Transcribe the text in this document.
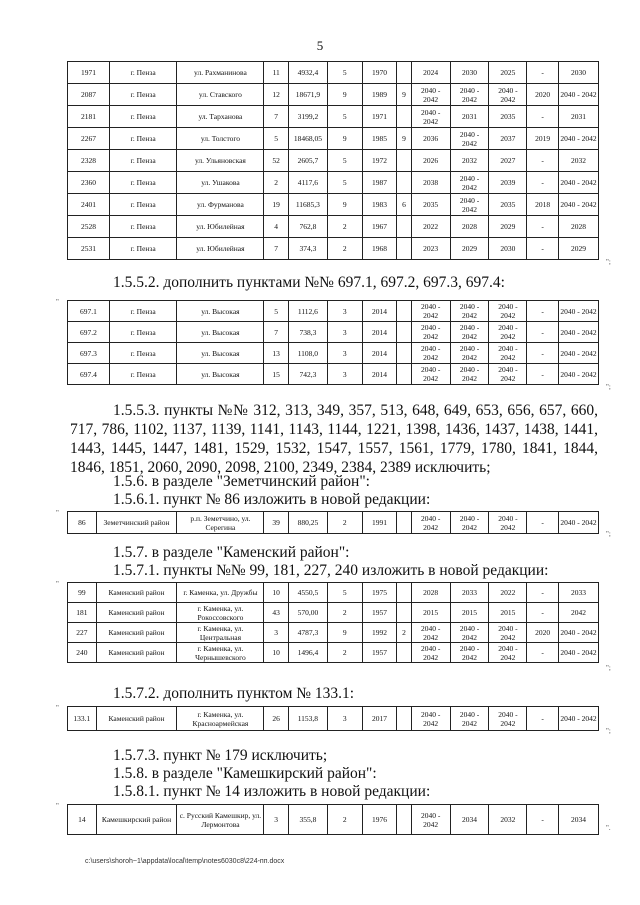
5
1971	г. Пенза	ул. Рахманинова	11	4932,4	5	1970		2024	2030	2025	-	2030
2087	г. Пенза	ул. Ставского	12	18671,9	9	1989	9	2040 - 2042	2040 - 2042	2040 - 2042	2020	2040 - 2042
2181	г. Пенза	ул. Тарханова	7	3199,2	5	1971		2040 - 2042	2031	2035	-	2031
2267	г. Пенза	ул. Толстого	5	18468,05	9	1985	9	2036	2040 - 2042	2037	2019	2040 - 2042
2328	г. Пенза	ул. Ульяновская	52	2605,7	5	1972		2026	2032	2027	-	2032
2360	г. Пенза	ул. Ушакова	2	4117,6	5	1987		2038	2040 - 2042	2039	-	2040 - 2042
2401	г. Пенза	ул. Фурманова	19	11685,3	9	1983	6	2035	2040 - 2042	2035	2018	2040 - 2042
2528	г. Пенза	ул. Юбилейная	4	762,8	2	1967		2022	2028	2029	-	2028
2531	г. Пенза	ул. Юбилейная	7	374,3	2	1968		2023	2029	2030	-	2029
";
1.5.5.2. дополнить пунктами №№ 697.1, 697.2, 697.3, 697.4:
"
697.1	г. Пенза	ул. Высокая	5	1112,6	3	2014		2040 - 2042	2040 - 2042	2040 - 2042	-	2040 - 2042
697.2	г. Пенза	ул. Высокая	7	738,3	3	2014		2040 - 2042	2040 - 2042	2040 - 2042	-	2040 - 2042
697.3	г. Пенза	ул. Высокая	13	1108,0	3	2014		2040 - 2042	2040 - 2042	2040 - 2042	-	2040 - 2042
697.4	г. Пенза	ул. Высокая	15	742,3	3	2014		2040 - 2042	2040 - 2042	2040 - 2042	-	2040 - 2042
";
1.5.5.3. пункты №№ 312, 313, 349, 357, 513, 648, 649, 653, 656, 657, 660, 717, 786, 1102, 1137, 1139, 1141, 1143, 1144, 1221, 1398, 1436, 1437, 1438, 1441, 1443, 1445, 1447, 1481, 1529, 1532, 1547, 1557, 1561, 1779, 1780, 1841, 1844, 1846, 1851, 2060, 2090, 2098, 2100, 2349, 2384, 2389 исключить;
1.5.6. в разделе "Земетчинский район":
1.5.6.1. пункт № 86 изложить в новой редакции:
"
86	Земетчинский район	р.п. Земетчино, ул. Серегина	39	880,25	2	1991		2040 - 2042	2040 - 2042	2040 - 2042	-	2040 - 2042
";
1.5.7. в разделе "Каменский район":
1.5.7.1. пункты №№ 99, 181, 227, 240 изложить в новой редакции:
"
99	Каменский район	г. Каменка, ул. Дружбы	10	4550,5	5	1975		2028	2033	2022	-	2033
181	Каменский район	г. Каменка, ул. Рокоссовского	43	570,00	2	1957		2015	2015	2015	-	2042
227	Каменский район	г. Каменка, ул. Центральная	3	4787,3	9	1992	2	2040 - 2042	2040 - 2042	2040 - 2042	2020	2040 - 2042
240	Каменский район	г. Каменка, ул. Чернышевского	10	1496,4	2	1957		2040 - 2042	2040 - 2042	2040 - 2042	-	2040 - 2042
";
1.5.7.2. дополнить пунктом № 133.1:
"
133.1	Каменский район	г. Каменка, ул. Красноармейская	26	1153,8	3	2017		2040 - 2042	2040 - 2042	2040 - 2042	-	2040 - 2042
";
1.5.7.3. пункт № 179 исключить;
1.5.8. в разделе "Камешкирский район":
1.5.8.1. пункт № 14 изложить в новой редакции:
"
14	Камешкирский район	с. Русский Камешкир, ул. Лермонтова	3	355,8	2	1976		2040 - 2042	2034	2032	-	2034
".
c:\users\shoroh~1\appdata\local\temp\notes6030c8\224-пп.docx
